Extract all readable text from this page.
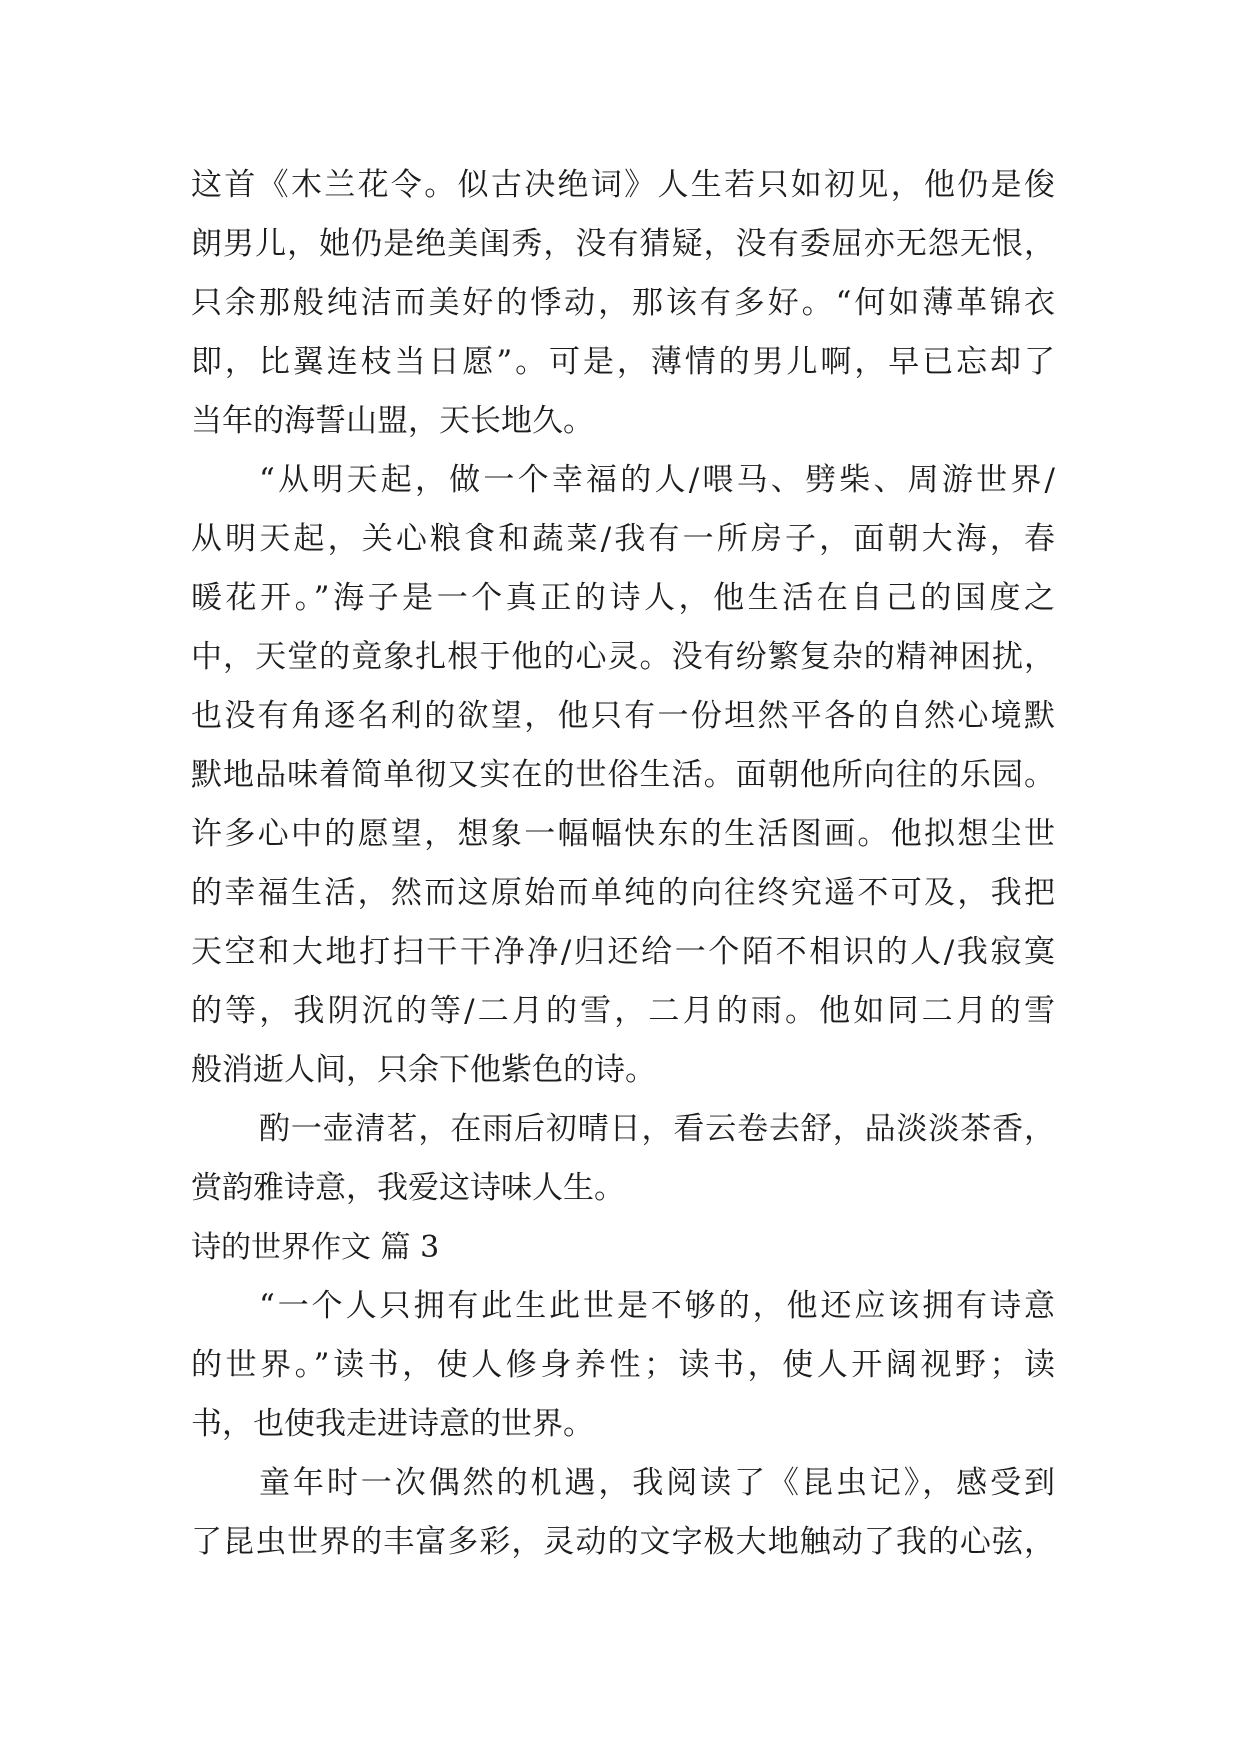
这首《木兰花令。似古决绝词》人生若只如初见，他仍是俊
朗男儿，她仍是绝美闺秀，没有猜疑，没有委屈亦无怨无恨，
只余那般纯洁而美好的悸动，那该有多好。“何如薄革锦衣
即，比翼连枝当日愿”。可是，薄情的男儿啊，早已忘却了
当年的海誓山盟，天长地久。
“从明天起，做一个幸福的人/喂马、劈柴、周游世界/
从明天起，关心粮食和蔬菜/我有一所房子，面朝大海，春
暖花开。”海子是一个真正的诗人，他生活在自己的国度之
中，天堂的竟象扎根于他的心灵。没有纷繁复杂的精神困扰，
也没有角逐名利的欲望，他只有一份坦然平各的自然心境默
默地品味着简单彻又实在的世俗生活。面朝他所向往的乐园。
许多心中的愿望，想象一幅幅快东的生活图画。他拟想尘世
的幸福生活，然而这原始而单纯的向往终究遥不可及，我把
天空和大地打扫干干净净/归还给一个陌不相识的人/我寂寞
的等，我阴沉的等/二月的雪，二月的雨。他如同二月的雪
般消逝人间，只余下他紫色的诗。
酌一壶清茗，在雨后初晴日，看云卷去舒，品淡淡茶香，
赏韵雅诗意，我爱这诗味人生。
诗的世界作文 篇 3
“一个人只拥有此生此世是不够的，他还应该拥有诗意
的世界。”读书，使人修身养性；读书，使人开阔视野；读
书，也使我走进诗意的世界。
童年时一次偶然的机遇，我阅读了《昆虫记》，感受到
了昆虫世界的丰富多彩，灵动的文字极大地触动了我的心弦，
